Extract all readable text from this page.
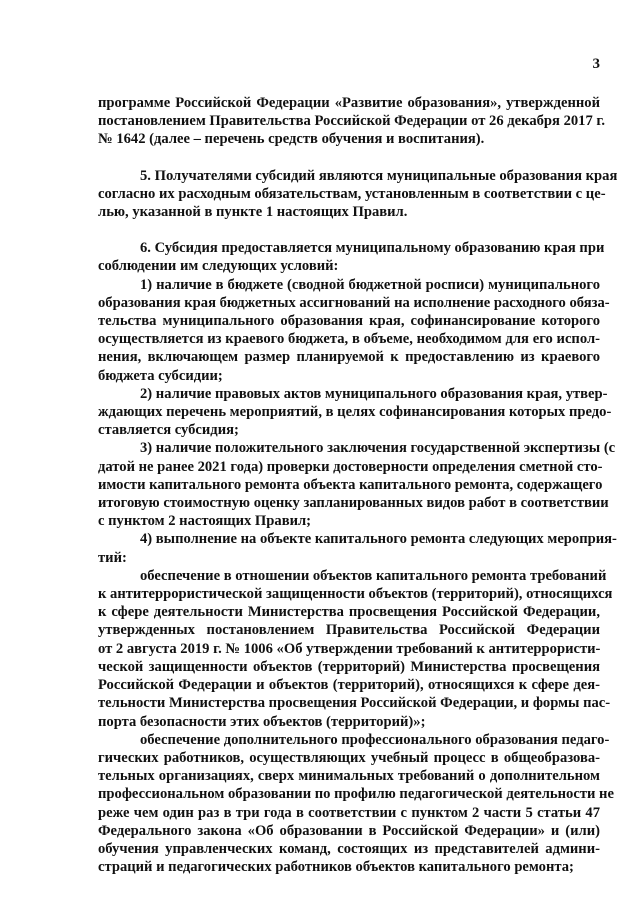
3
программе Российской Федерации «Развитие образования», утвержденной
постановлением Правительства Российской Федерации от 26 декабря 2017 г.
№ 1642 (далее – перечень средств обучения и воспитания).
5. Получателями субсидий являются муниципальные образования края
согласно их расходным обязательствам, установленным в соответствии с це-
лью, указанной в пункте 1 настоящих Правил.
6. Субсидия предоставляется муниципальному образованию края при
соблюдении им следующих условий:
1) наличие в бюджете (сводной бюджетной росписи) муниципального
образования края бюджетных ассигнований на исполнение расходного обяза-
тельства муниципального образования края, софинансирование которого
осуществляется из краевого бюджета, в объеме, необходимом для его испол-
нения, включающем размер планируемой к предоставлению из краевого
бюджета субсидии;
2) наличие правовых актов муниципального образования края, утвер-
ждающих перечень мероприятий, в целях софинансирования которых предо-
ставляется субсидия;
3) наличие положительного заключения государственной экспертизы (с
датой не ранее 2021 года) проверки достоверности определения сметной сто-
имости капитального ремонта объекта капитального ремонта, содержащего
итоговую стоимостную оценку запланированных видов работ в соответствии
с пунктом 2 настоящих Правил;
4) выполнение на объекте капитального ремонта следующих мероприя-
тий:
обеспечение в отношении объектов капитального ремонта требований
к антитеррористической защищенности объектов (территорий), относящихся
к сфере деятельности Министерства просвещения Российской Федерации,
утвержденных постановлением Правительства Российской Федерации
от 2 августа 2019 г. № 1006 «Об утверждении требований к антитеррористи-
ческой защищенности объектов (территорий) Министерства просвещения
Российской Федерации и объектов (территорий), относящихся к сфере дея-
тельности Министерства просвещения Российской Федерации, и формы пас-
порта безопасности этих объектов (территорий)»;
обеспечение дополнительного профессионального образования педаго-
гических работников, осуществляющих учебный процесс в общеобразова-
тельных организациях, сверх минимальных требований о дополнительном
профессиональном образовании по профилю педагогической деятельности не
реже чем один раз в три года в соответствии с пунктом 2 части 5 статьи 47
Федерального закона «Об образовании в Российской Федерации» и (или)
обучения управленческих команд, состоящих из представителей админи-
страций и педагогических работников объектов капитального ремонта;
